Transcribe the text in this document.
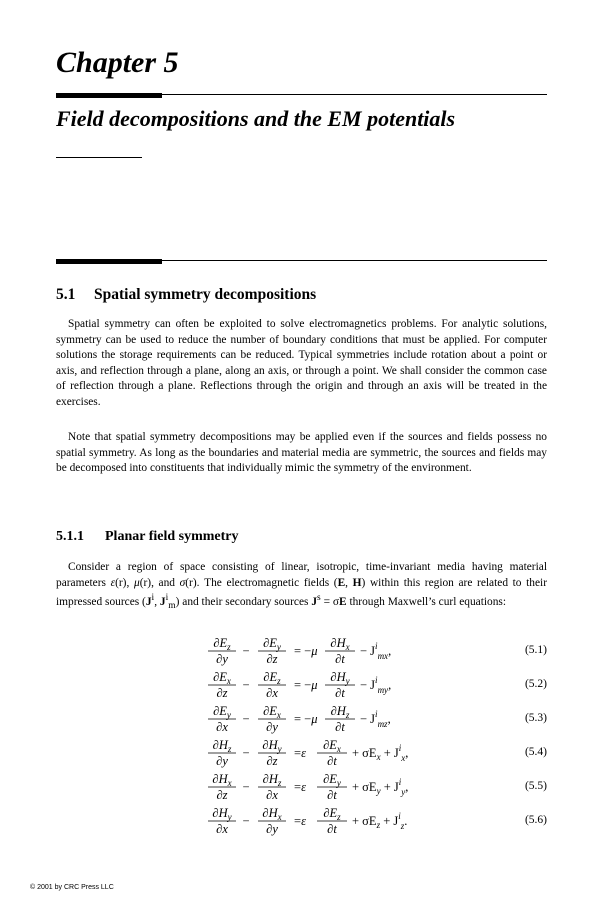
Chapter 5
Field decompositions and the EM potentials
5.1 Spatial symmetry decompositions

Spatial symmetry can often be exploited to solve electromagnetics problems. For analytic solutions, symmetry can be used to reduce the number of boundary conditions that must be applied. For computer solutions the storage requirements can be reduced. Typical symmetries include rotation about a point or axis, and reflection through a plane, along an axis, or through a point. We shall consider the common case of reflection through a plane. Reflections through the origin and through an axis will be treated in the exercises.

Note that spatial symmetry decompositions may be applied even if the sources and fields possess no spatial symmetry. As long as the boundaries and material media are symmetric, the sources and fields may be decomposed into constituents that individually mimic the symmetry of the environment.

5.1.1 Planar field symmetry

Consider a region of space consisting of linear, isotropic, time-invariant media having material parameters ε(r), μ(r), and σ(r). The electromagnetic fields (E, H) within this region are related to their impressed sources ($J^i$, $J^i_m$) and their secondary sources $J^s = \sigma E$ through Maxwell’s curl equations:

$\partial E_z$
∂y
−
$\partial E_y$
∂z
= −μ
$\partial H_x$
∂t
− $J^i_{mx}$,	(5.1)
$\partial E_x$
∂z
−
$\partial E_z$
∂x
= −μ
$\partial H_y$
∂t
− $J^i_{my}$,	(5.2)
$\partial E_y$
∂x
−
$\partial E_x$
∂y
= −μ
$\partial H_z$
∂t
− $J^i_{mz}$,	(5.3)
$\partial H_z$
∂y
−
$\partial H_y$
∂z
=ε
$\partial E_x$
∂t
+ $\sigma E_x + J^i_x$,	(5.4)
$\partial H_x$
∂z
−
$\partial H_z$
∂x
=ε
$\partial E_y$
∂t
+ $\sigma E_y + J^i_y$,	(5.5)
$\partial H_y$
∂x
−
$\partial H_x$
∂y
=ε
$\partial E_z$
∂t
+ $\sigma E_z + J^i_z$.	(5.6)
© 2001 by CRC Press LLC
